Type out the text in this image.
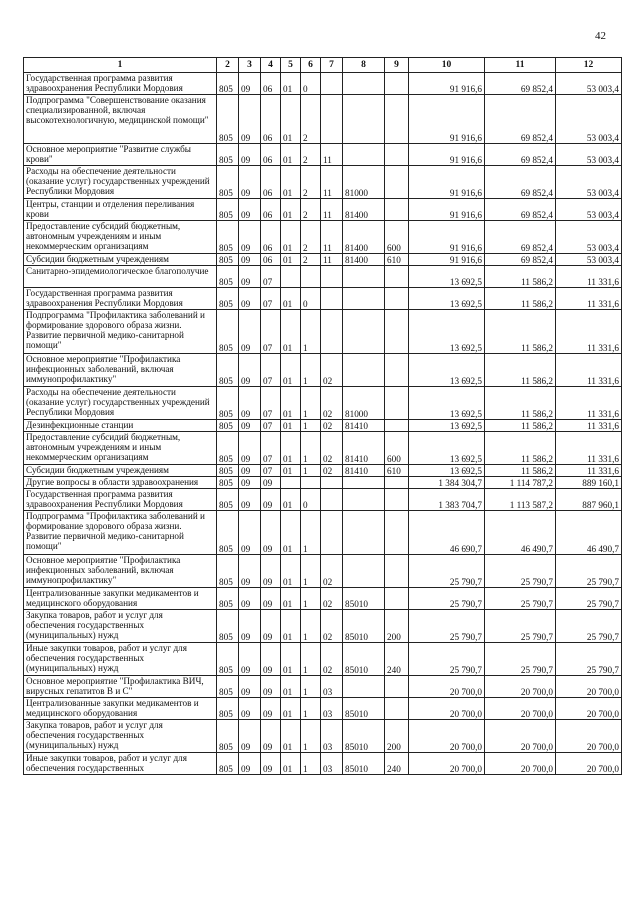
42
1	2	3	4	5	6	7	8	9	10	11	12
Государственная программа развития здравоохранения Республики Мордовия	805	09	06	01	0				91 916,6	69 852,4	53 003,4
Подпрограмма "Совершенствование оказания специализированной, включая высокотехнологичную, медицинской помощи"	805	09	06	01	2				91 916,6	69 852,4	53 003,4
Основное мероприятие "Развитие службы крови"	805	09	06	01	2	11			91 916,6	69 852,4	53 003,4
Расходы на обеспечение деятельности (оказание услуг) государственных учреждений Республики Мордовия	805	09	06	01	2	11	81000		91 916,6	69 852,4	53 003,4
Центры, станции и отделения переливания крови	805	09	06	01	2	11	81400		91 916,6	69 852,4	53 003,4
Предоставление субсидий бюджетным, автономным учреждениям и иным некоммерческим организациям	805	09	06	01	2	11	81400	600	91 916,6	69 852,4	53 003,4
Субсидии бюджетным учреждениям	805	09	06	01	2	11	81400	610	91 916,6	69 852,4	53 003,4
Санитарно-эпидемиологическое благополучие	805	09	07						13 692,5	11 586,2	11 331,6
Государственная программа развития здравоохранения Республики Мордовия	805	09	07	01	0				13 692,5	11 586,2	11 331,6
Подпрограмма "Профилактика заболеваний и формирование здорового образа жизни. Развитие первичной медико-санитарной помощи"	805	09	07	01	1				13 692,5	11 586,2	11 331,6
Основное мероприятие "Профилактика инфекционных заболеваний, включая иммунопрофилактику"	805	09	07	01	1	02			13 692,5	11 586,2	11 331,6
Расходы на обеспечение деятельности (оказание услуг) государственных учреждений Республики Мордовия	805	09	07	01	1	02	81000		13 692,5	11 586,2	11 331,6
Дезинфекционные станции	805	09	07	01	1	02	81410		13 692,5	11 586,2	11 331,6
Предоставление субсидий бюджетным, автономным учреждениям и иным некоммерческим организациям	805	09	07	01	1	02	81410	600	13 692,5	11 586,2	11 331,6
Субсидии бюджетным учреждениям	805	09	07	01	1	02	81410	610	13 692,5	11 586,2	11 331,6
Другие вопросы в области здравоохранения	805	09	09						1 384 304,7	1 114 787,2	889 160,1
Государственная программа развития здравоохранения Республики Мордовия	805	09	09	01	0				1 383 704,7	1 113 587,2	887 960,1
Подпрограмма "Профилактика заболеваний и формирование здорового образа жизни. Развитие первичной медико-санитарной помощи"	805	09	09	01	1				46 690,7	46 490,7	46 490,7
Основное мероприятие "Профилактика инфекционных заболеваний, включая иммунопрофилактику"	805	09	09	01	1	02			25 790,7	25 790,7	25 790,7
Централизованные закупки медикаментов и медицинского оборудования	805	09	09	01	1	02	85010		25 790,7	25 790,7	25 790,7
Закупка товаров, работ и услуг для обеспечения государственных (муниципальных) нужд	805	09	09	01	1	02	85010	200	25 790,7	25 790,7	25 790,7
Иные закупки товаров, работ и услуг для обеспечения государственных (муниципальных) нужд	805	09	09	01	1	02	85010	240	25 790,7	25 790,7	25 790,7
Основное мероприятие "Профилактика ВИЧ, вирусных гепатитов В и С"	805	09	09	01	1	03			20 700,0	20 700,0	20 700,0
Централизованные закупки медикаментов и медицинского оборудования	805	09	09	01	1	03	85010		20 700,0	20 700,0	20 700,0
Закупка товаров, работ и услуг для обеспечения государственных (муниципальных) нужд	805	09	09	01	1	03	85010	200	20 700,0	20 700,0	20 700,0
Иные закупки товаров, работ и услуг для обеспечения государственных	805	09	09	01	1	03	85010	240	20 700,0	20 700,0	20 700,0
